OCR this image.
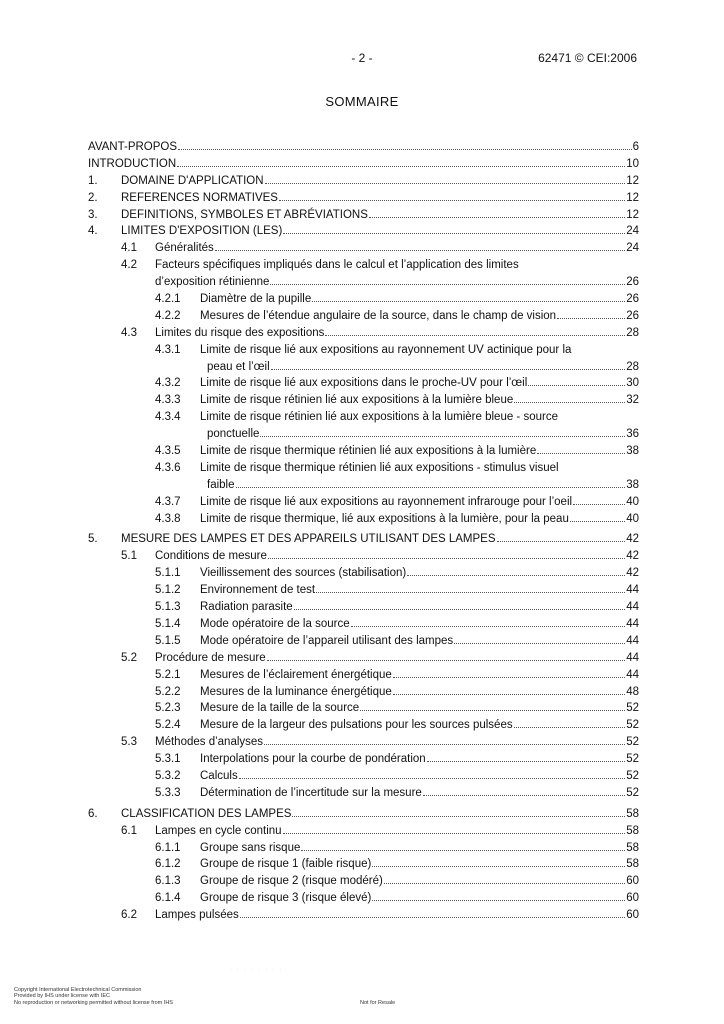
- 2 -	62471 © CEI:2006
SOMMAIRE
AVANT-PROPOS	6
INTRODUCTION	10
1.	DOMAINE D'APPLICATION	12
2.	REFERENCES NORMATIVES	12
3.	DEFINITIONS, SYMBOLES ET ABRÉVIATIONS	12
4.	LIMITES D'EXPOSITION (LES)	24
4.1	Généralités	24
4.2	Facteurs spécifiques impliqués dans le calcul et l’application des limites
d’exposition rétinienne	26
4.2.1	Diamètre de la pupille	26
4.2.2	Mesures de l’étendue angulaire de la source, dans le champ de vision	26
4.3	Limites du risque des expositions	28
4.3.1	Limite de risque lié aux expositions au rayonnement UV actinique pour la
peau et l’œil	28
4.3.2	Limite de risque lié aux expositions dans le proche-UV pour l’œil	30
4.3.3	Limite de risque rétinien lié aux expositions à la lumière bleue	32
4.3.4	Limite de risque rétinien lié aux expositions à la lumière bleue - source
ponctuelle	36
4.3.5	Limite de risque thermique rétinien lié aux expositions à la lumière	38
4.3.6	Limite de risque thermique rétinien lié aux expositions - stimulus visuel
faible	38
4.3.7	Limite de risque lié aux expositions au rayonnement infrarouge pour l’oeil	40
4.3.8	Limite de risque thermique, lié aux expositions à la lumière, pour la peau	40
5.	MESURE DES LAMPES ET DES APPAREILS UTILISANT DES LAMPES	42
5.1	Conditions de mesure	42
5.1.1	Vieillissement des sources (stabilisation)	42
5.1.2	Environnement de test	44
5.1.3	Radiation parasite	44
5.1.4	Mode opératoire de la source	44
5.1.5	Mode opératoire de l’appareil utilisant des lampes	44
5.2	Procédure de mesure	44
5.2.1	Mesures de l’éclairement énergétique	44
5.2.2	Mesures de la luminance énergétique	48
5.2.3	Mesure de la taille de la source	52
5.2.4	Mesure de la largeur des pulsations pour les sources pulsées	52
5.3	Méthodes d’analyses	52
5.3.1	Interpolations pour la courbe de pondération	52
5.3.2	Calculs	52
5.3.3	Détermination de l’incertitude sur la mesure	52
6.	CLASSIFICATION DES LAMPES	58
6.1	Lampes en cycle continu	58
6.1.1	Groupe sans risque	58
6.1.2	Groupe de risque 1 (faible risque)	58
6.1.3	Groupe de risque 2 (risque modéré)	60
6.1.4	Groupe de risque 3 (risque élevé)	60
6.2	Lampes pulsées	60
· · · · · · · ·
Copyright International Electrotechnical Commission
Provided by IHS under license with IEC
No reproduction or networking permitted without license from IHS	Not for Resale
